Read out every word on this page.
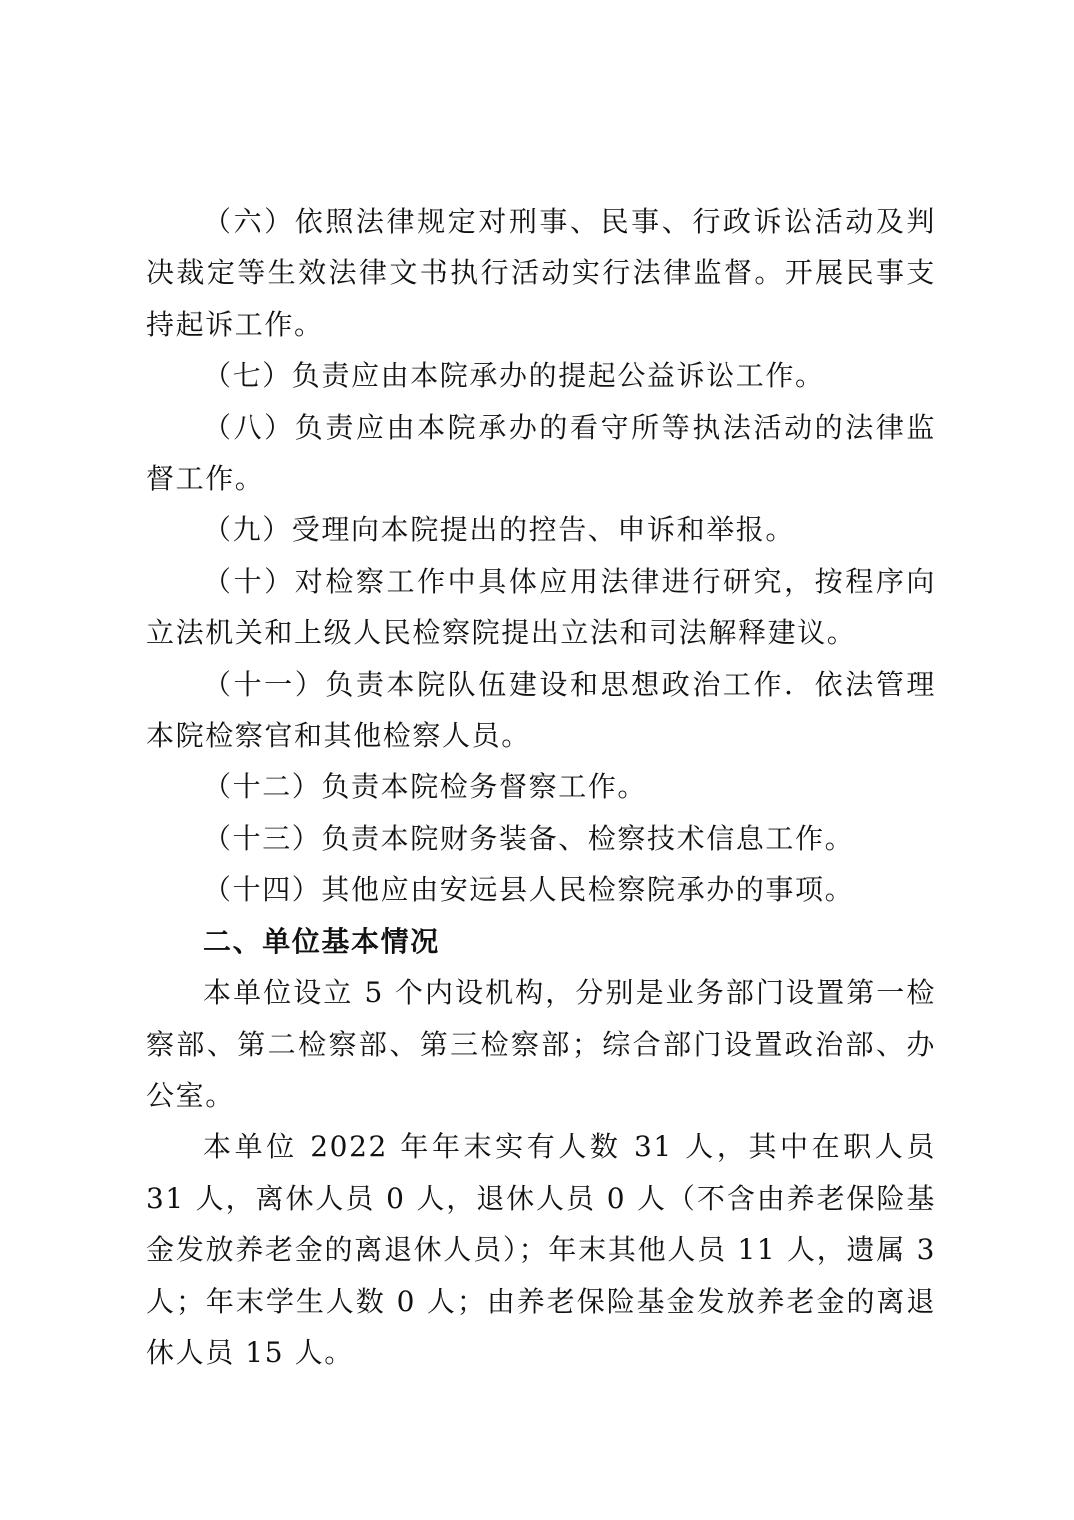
（六）依照法律规定对刑事、民事、行政诉讼活动及判决裁定等生效法律文书执行活动实行法律监督。开展民事支持起诉工作。

（七）负责应由本院承办的提起公益诉讼工作。

（八）负责应由本院承办的看守所等执法活动的法律监督工作。

（九）受理向本院提出的控告、申诉和举报。

（十）对检察工作中具体应用法律进行研究，按程序向立法机关和上级人民检察院提出立法和司法解释建议。

（十一）负责本院队伍建设和思想政治工作．依法管理本院检察官和其他检察人员。

（十二）负责本院检务督察工作。

（十三）负责本院财务装备、检察技术信息工作。

（十四）其他应由安远县人民检察院承办的事项。

二、单位基本情况

本单位设立 5 个内设机构，分别是业务部门设置第一检察部、第二检察部、第三检察部；综合部门设置政治部、办公室。

本单位 2022 年年末实有人数 31 人，其中在职人员 31 人，离休人员 0 人，退休人员 0 人（不含由养老保险基金发放养老金的离退休人员）；年末其他人员 11 人，遗属 3 人；年末学生人数 0 人；由养老保险基金发放养老金的离退休人员 15 人。
